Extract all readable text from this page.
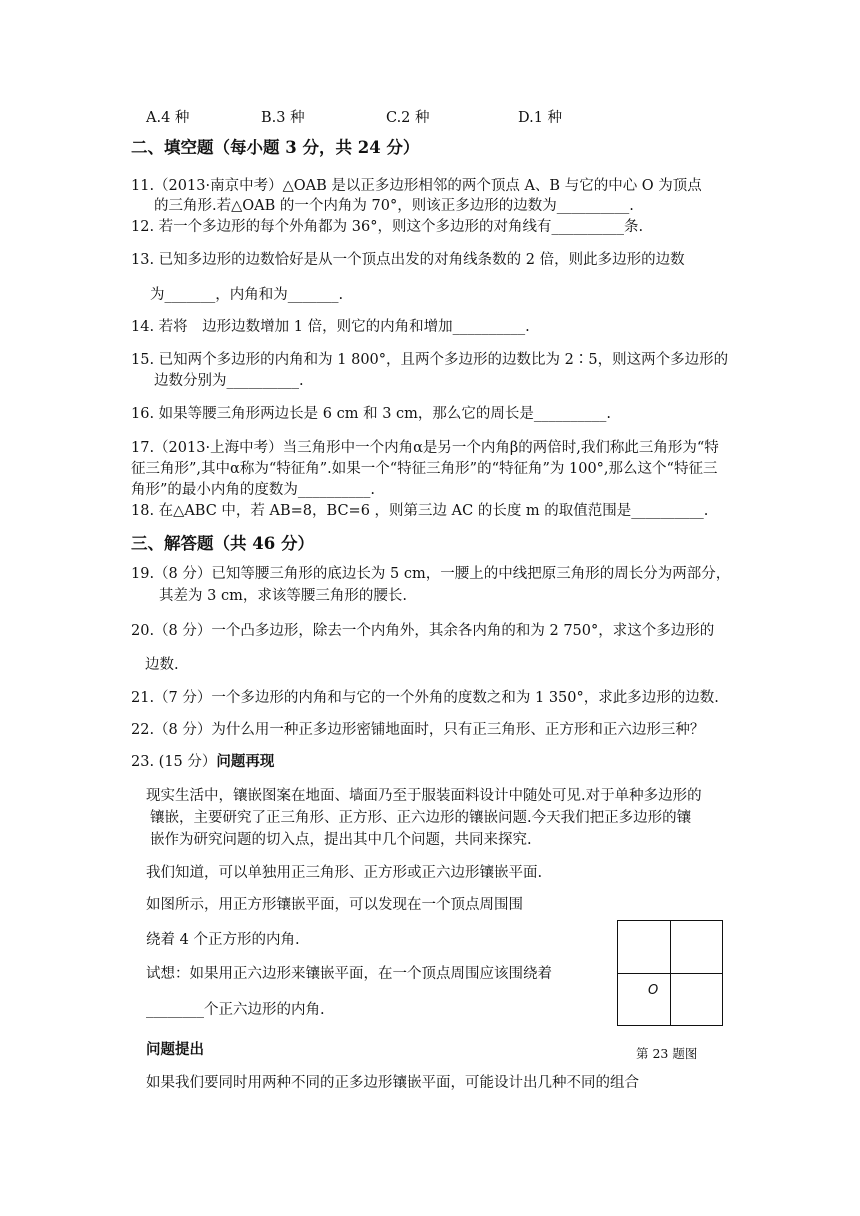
A.4 种	B.3 种	C.2 种	D.1 种
二、填空题（每小题 3 分，共 24 分）
11.（2013·南京中考）△OAB 是以正多边形相邻的两个顶点 A、B 与它的中心 O 为顶点
的三角形.若△OAB 的一个内角为 70°，则该正多边形的边数为__________.
12. 若一个多边形的每个外角都为 36°，则这个多边形的对角线有__________条.
13. 已知多边形的边数恰好是从一个顶点出发的对角线条数的 2 倍，则此多边形的边数
为_______，内角和为_______.
14. 若将　边形边数增加 1 倍，则它的内角和增加__________.
15. 已知两个多边形的内角和为 1 800°，且两个多边形的边数比为 2∶5，则这两个多边形的
边数分别为__________.
16. 如果等腰三角形两边长是 6 cm 和 3 cm，那么它的周长是__________.
17.（2013·上海中考）当三角形中一个内角α是另一个内角β的两倍时,我们称此三角形为“特
征三角形”,其中α称为“特征角”.如果一个“特征三角形”的“特征角”为 100°,那么这个“特征三
角形”的最小内角的度数为__________.
18. 在△ABC 中，若 AB=8，BC=6 ，则第三边 AC 的长度 m 的取值范围是__________.
三、解答题（共 46 分）
19.（8 分）已知等腰三角形的底边长为 5 cm，一腰上的中线把原三角形的周长分为两部分，
其差为 3 cm，求该等腰三角形的腰长.
20.（8 分）一个凸多边形，除去一个内角外，其余各内角的和为 2 750°，求这个多边形的
边数.
21.（7 分）一个多边形的内角和与它的一个外角的度数之和为 1 350°，求此多边形的边数.
22.（8 分）为什么用一种正多边形密铺地面时，只有正三角形、正方形和正六边形三种？
23. (15 分）问题再现
现实生活中，镶嵌图案在地面、墙面乃至于服装面料设计中随处可见.对于单种多边形的
镶嵌，主要研究了正三角形、正方形、正六边形的镶嵌问题.今天我们把正多边形的镶
嵌作为研究问题的切入点，提出其中几个问题，共同来探究.
我们知道，可以单独用正三角形、正方形或正六边形镶嵌平面.
如图所示，用正方形镶嵌平面，可以发现在一个顶点周围围
绕着 4 个正方形的内角.
试想：如果用正六边形来镶嵌平面，在一个顶点周围应该围绕着
________个正六边形的内角.
问题提出
如果我们要同时用两种不同的正多边形镶嵌平面，可能设计出几种不同的组合
O
第 23 题图
